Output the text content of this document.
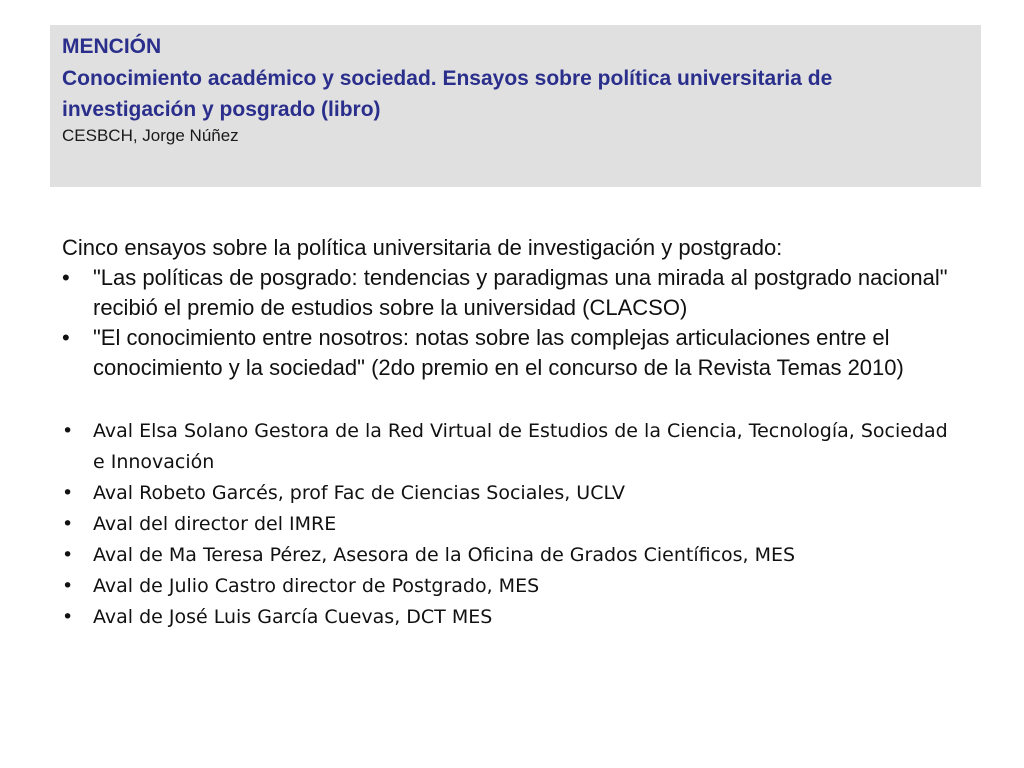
MENCIÓN
Conocimiento académico y sociedad. Ensayos sobre política universitaria de investigación y posgrado (libro)
CESBCH, Jorge Núñez
Cinco ensayos sobre la política universitaria de investigación y postgrado:
• "Las políticas de posgrado: tendencias y paradigmas una mirada al postgrado nacional" recibió el premio de estudios sobre la universidad (CLACSO)
• "El conocimiento entre nosotros: notas sobre las complejas articulaciones entre el conocimiento y la sociedad" (2do premio en el concurso de la Revista Temas 2010)
• Aval Elsa Solano Gestora de la Red Virtual de Estudios de la Ciencia, Tecnología, Sociedad e Innovación
• Aval Robeto Garcés, prof Fac de Ciencias Sociales, UCLV
• Aval del director del IMRE
• Aval de Ma Teresa Pérez, Asesora de la Oficina de Grados Científicos, MES
• Aval de Julio Castro director de Postgrado, MES
• Aval de José Luis García Cuevas, DCT MES
